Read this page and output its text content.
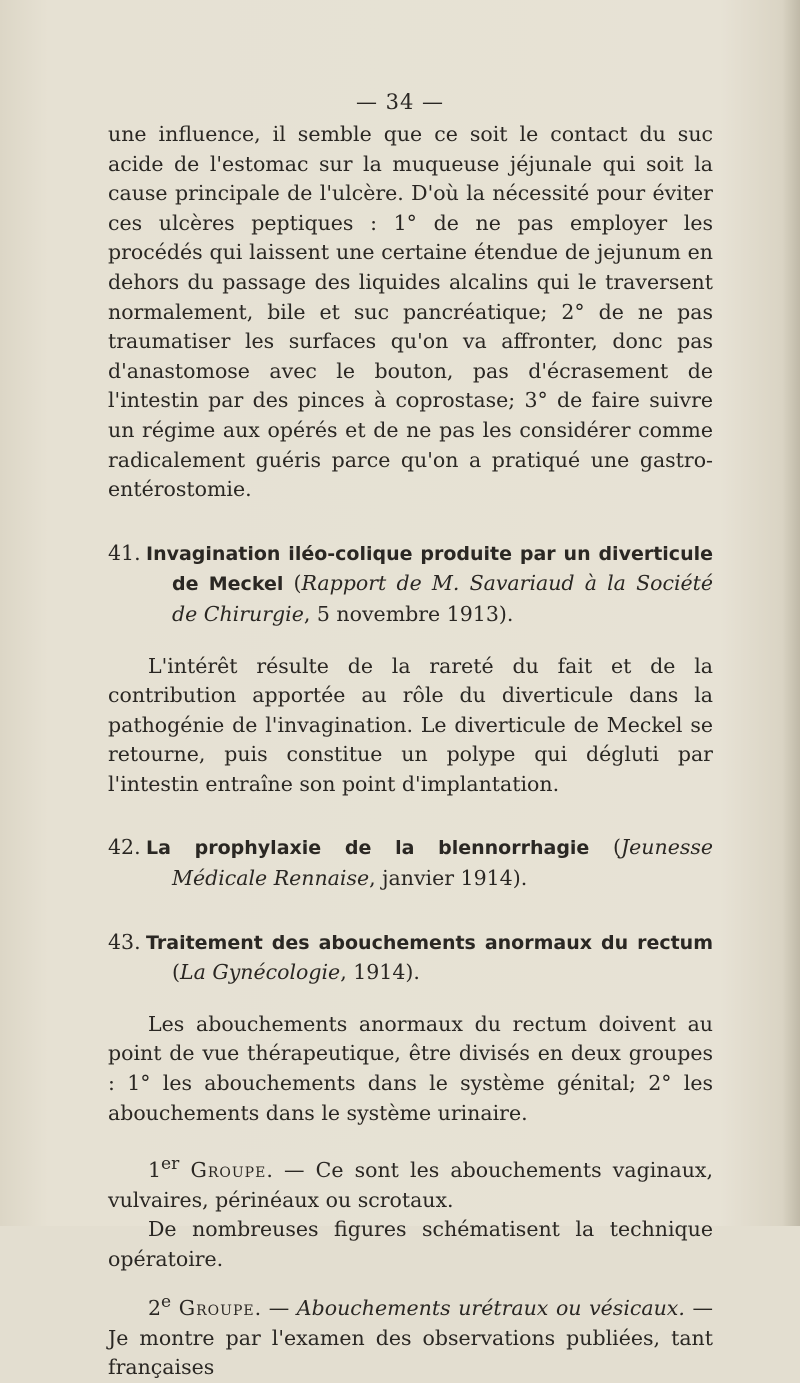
— 34 —

une influence, il semble que ce soit le contact du suc acide de l'estomac sur la muqueuse jéjunale qui soit la cause principale de l'ulcère. D'où la nécessité pour éviter ces ulcères peptiques : 1° de ne pas employer les procédés qui laissent une certaine étendue de jejunum en dehors du passage des liquides alcalins qui le traversent normalement, bile et suc pancréatique; 2° de ne pas traumatiser les surfaces qu'on va affronter, donc pas d'anastomose avec le bouton, pas d'écrasement de l'intestin par des pinces à coprostase; 3° de faire suivre un régime aux opérés et de ne pas les considérer comme radicalement guéris parce qu'on a pratiqué une gastro-entérostomie.

41. Invagination iléo-colique produite par un diverticule de Meckel (Rapport de M. Savariaud à la Société de Chirurgie, 5 novembre 1913).

L'intérêt résulte de la rareté du fait et de la contribution apportée au rôle du diverticule dans la pathogénie de l'invagination. Le diverticule de Meckel se retourne, puis constitue un polype qui dégluti par l'intestin entraîne son point d'implantation.

42. La prophylaxie de la blennorrhagie (Jeunesse Médicale Rennaise, janvier 1914).

43. Traitement des abouchements anormaux du rectum (La Gynécologie, 1914).

Les abouchements anormaux du rectum doivent au point de vue thérapeutique, être divisés en deux groupes : 1° les abouchements dans le système génital; 2° les abouchements dans le système urinaire.

1er Groupe. — Ce sont les abouchements vaginaux, vulvaires, périnéaux ou scrotaux.

De nombreuses figures schématisent la technique opératoire.

2e Groupe. — Abouchements urétraux ou vésicaux. — Je montre par l'examen des observations publiées, tant françaises
